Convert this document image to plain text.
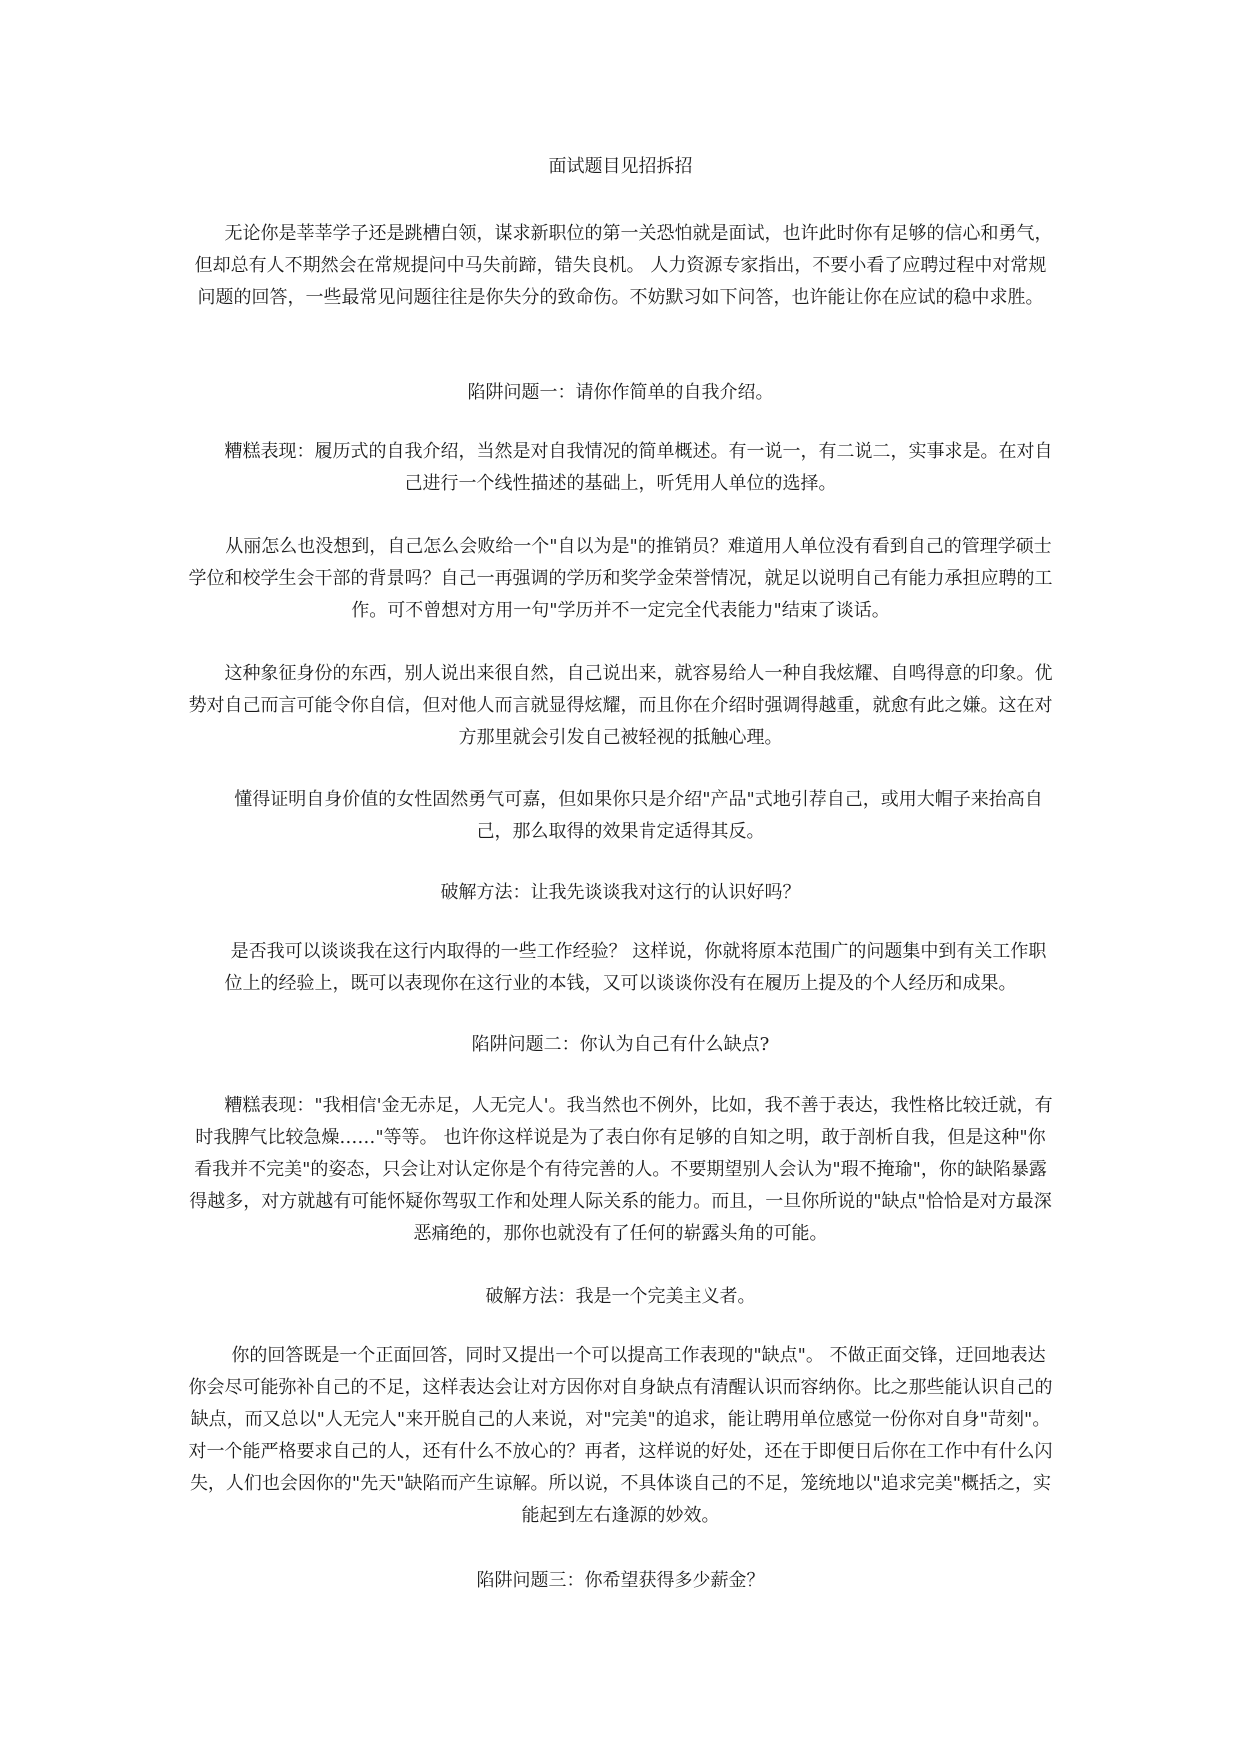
面试题目见招拆招
无论你是莘莘学子还是跳槽白领，谋求新职位的第一关恐怕就是面试，也许此时你有足够的信心和勇气，但却总有人不期然会在常规提问中马失前蹄，错失良机。 人力资源专家指出，不要小看了应聘过程中对常规问题的回答，一些最常见问题往往是你失分的致命伤。不妨默习如下问答，也许能让你在应试的稳中求胜。
陷阱问题一：请你作简单的自我介绍。
糟糕表现：履历式的自我介绍，当然是对自我情况的简单概述。有一说一，有二说二，实事求是。在对自己进行一个线性描述的基础上，听凭用人单位的选择。
从丽怎么也没想到，自己怎么会败给一个"自以为是"的推销员？难道用人单位没有看到自己的管理学硕士学位和校学生会干部的背景吗？自己一再强调的学历和奖学金荣誉情况，就足以说明自己有能力承担应聘的工作。可不曾想对方用一句"学历并不一定完全代表能力"结束了谈话。
这种象征身份的东西，别人说出来很自然，自己说出来，就容易给人一种自我炫耀、自鸣得意的印象。优势对自己而言可能令你自信，但对他人而言就显得炫耀，而且你在介绍时强调得越重，就愈有此之嫌。这在对方那里就会引发自己被轻视的抵触心理。
懂得证明自身价值的女性固然勇气可嘉，但如果你只是介绍"产品"式地引荐自己，或用大帽子来抬高自己，那么取得的效果肯定适得其反。
破解方法：让我先谈谈我对这行的认识好吗？
是否我可以谈谈我在这行内取得的一些工作经验？ 这样说，你就将原本范围广的问题集中到有关工作职位上的经验上，既可以表现你在这行业的本钱，又可以谈谈你没有在履历上提及的个人经历和成果。
陷阱问题二：你认为自己有什么缺点?
糟糕表现："我相信'金无赤足，人无完人'。我当然也不例外，比如，我不善于表达，我性格比较迁就，有时我脾气比较急燥……"等等。 也许你这样说是为了表白你有足够的自知之明，敢于剖析自我，但是这种"你看我并不完美"的姿态，只会让对认定你是个有待完善的人。不要期望别人会认为"瑕不掩瑜"，你的缺陷暴露得越多，对方就越有可能怀疑你驾驭工作和处理人际关系的能力。而且，一旦你所说的"缺点"恰恰是对方最深恶痛绝的，那你也就没有了任何的崭露头角的可能。
破解方法：我是一个完美主义者。
你的回答既是一个正面回答，同时又提出一个可以提高工作表现的"缺点"。 不做正面交锋，迂回地表达你会尽可能弥补自己的不足，这样表达会让对方因你对自身缺点有清醒认识而容纳你。比之那些能认识自己的缺点，而又总以"人无完人"来开脱自己的人来说，对"完美"的追求，能让聘用单位感觉一份你对自身"苛刻"。对一个能严格要求自己的人，还有什么不放心的？再者，这样说的好处，还在于即便日后你在工作中有什么闪失，人们也会因你的"先天"缺陷而产生谅解。所以说，不具体谈自己的不足，笼统地以"追求完美"概括之，实能起到左右逢源的妙效。
陷阱问题三：你希望获得多少薪金？
